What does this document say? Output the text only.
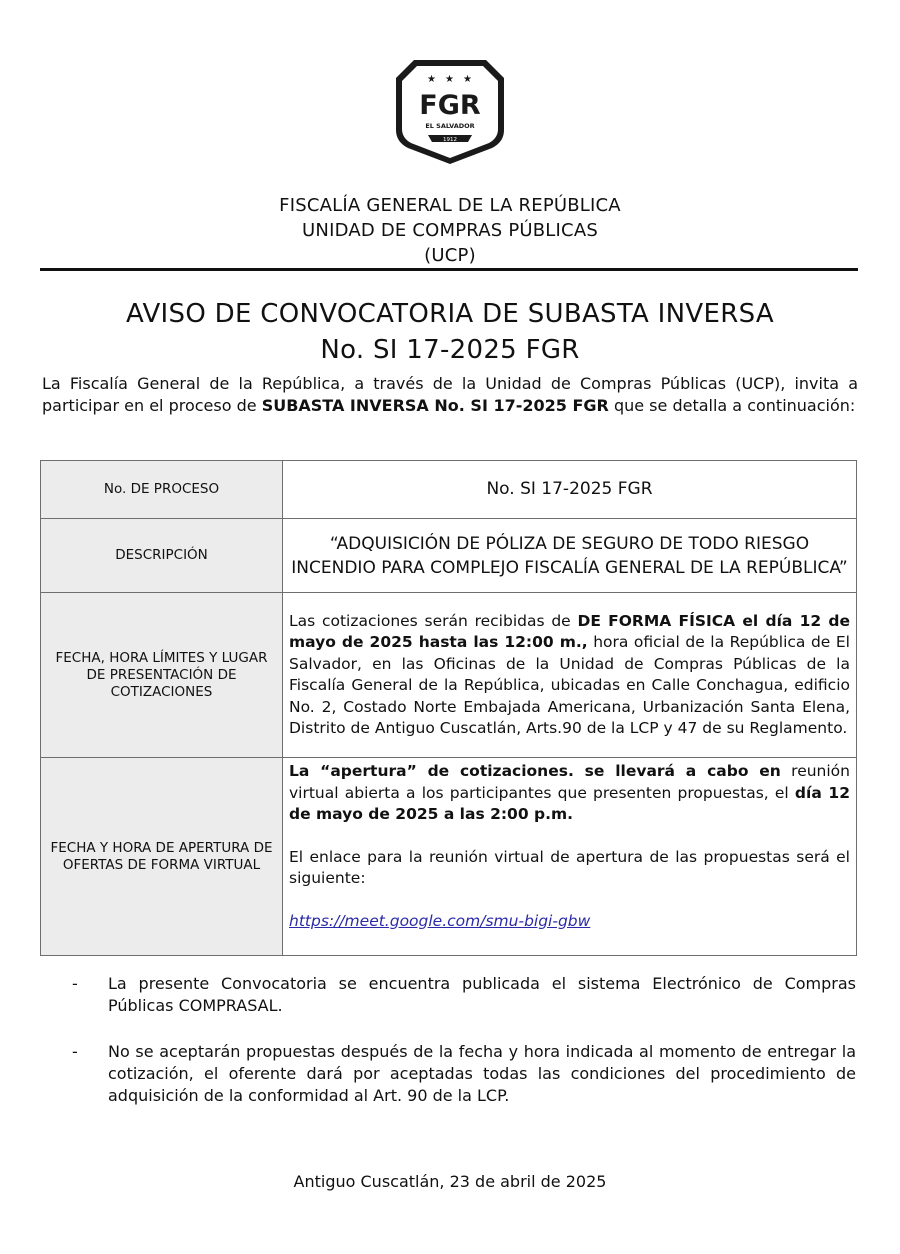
★ ★ ★
FGR
EL SALVADOR
1912
FISCALÍA GENERAL DE LA REPÚBLICA
UNIDAD DE COMPRAS PÚBLICAS
(UCP)
AVISO DE CONVOCATORIA DE SUBASTA INVERSA
No. SI 17-2025 FGR
La Fiscalía General de la República, a través de la Unidad de Compras Públicas (UCP), invita a participar en el proceso de SUBASTA INVERSA No. SI 17-2025 FGR que se detalla a continuación:
No. DE PROCESO	No. SI 17-2025 FGR
DESCRIPCIÓN	“ADQUISICIÓN DE PÓLIZA DE SEGURO DE TODO RIESGO INCENDIO PARA COMPLEJO FISCALÍA GENERAL DE LA REPÚBLICA”
FECHA, HORA LÍMITES Y LUGAR DE PRESENTACIÓN DE COTIZACIONES	Las cotizaciones serán recibidas de DE FORMA FÍSICA el día 12 de mayo de 2025 hasta las 12:00 m., hora oficial de la República de El Salvador, en las Oficinas de la Unidad de Compras Públicas de la Fiscalía General de la República, ubicadas en Calle Conchagua, edificio No. 2, Costado Norte Embajada Americana, Urbanización Santa Elena, Distrito de Antiguo Cuscatlán, Arts.90 de la LCP y 47 de su Reglamento.
FECHA Y HORA DE APERTURA DE OFERTAS DE FORMA VIRTUAL	La “apertura” de cotizaciones. se llevará a cabo en reunión virtual abierta a los participantes que presenten propuestas, el día 12 de mayo de 2025 a las 2:00 p.m.
El enlace para la reunión virtual de apertura de las propuestas será el siguiente:
https://meet.google.com/smu-bigi-gbw
- La presente Convocatoria se encuentra publicada el sistema Electrónico de Compras Públicas COMPRASAL.
- No se aceptarán propuestas después de la fecha y hora indicada al momento de entregar la cotización, el oferente dará por aceptadas todas las condiciones del procedimiento de adquisición de la conformidad al Art. 90 de la LCP.
Antiguo Cuscatlán, 23 de abril de 2025
